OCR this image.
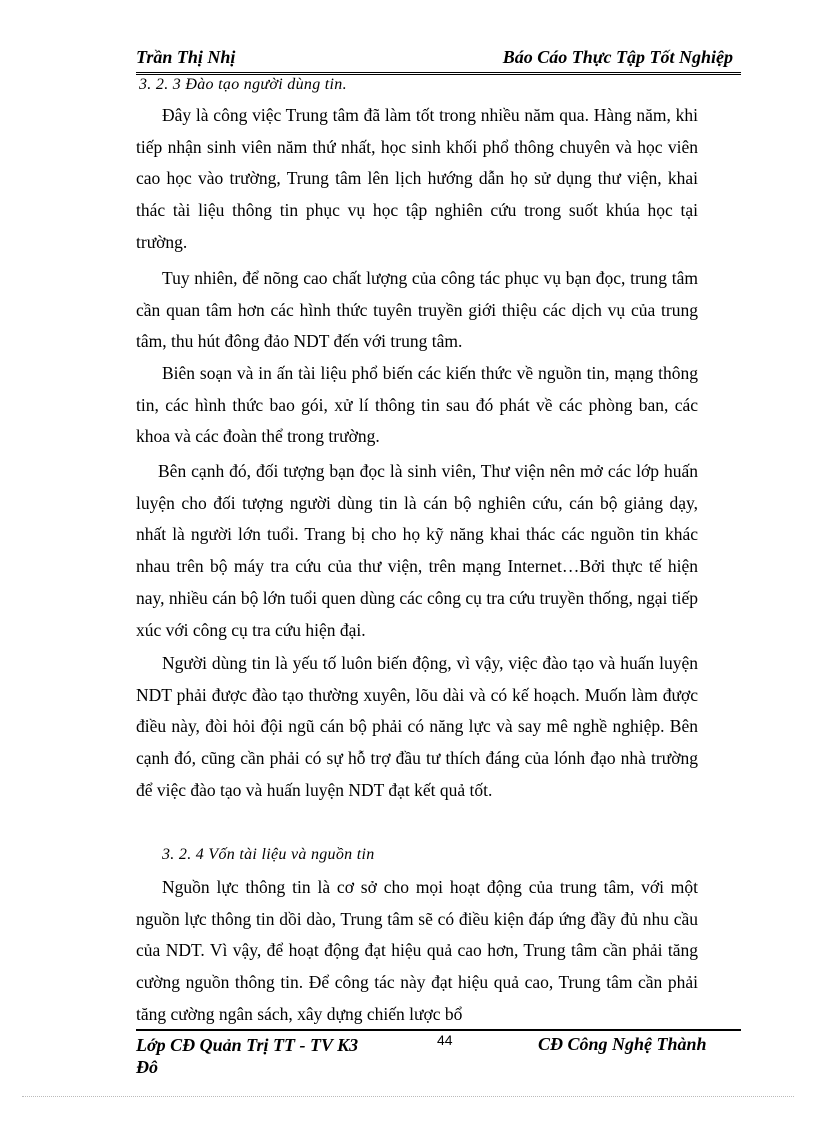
Trần Thị Nhị	Báo Cáo Thực Tập Tốt Nghiệp
3. 2. 3 Đào tạo người dùng tin.

Đây là công việc Trung tâm đã làm tốt trong nhiều năm qua. Hàng năm, khi tiếp nhận sinh viên năm thứ nhất, học sinh khối phổ thông chuyên và học viên cao học vào trường, Trung tâm lên lịch hướng dẫn họ sử dụng thư viện, khai thác tài liệu thông tin phục vụ học tập nghiên cứu trong suốt khúa học tại trường.

Tuy nhiên, để nõng cao chất lượng của công tác phục vụ bạn đọc, trung tâm cần quan tâm hơn các hình thức tuyên truyền giới thiệu các dịch vụ của trung tâm, thu hút đông đảo NDT đến với trung tâm.

Biên soạn và in ấn tài liệu phổ biến các kiến thức về nguồn tin, mạng thông tin, các hình thức bao gói, xử lí thông tin sau đó phát về các phòng ban, các khoa và các đoàn thể trong trường.

Bên cạnh đó, đối tượng bạn đọc là sinh viên, Thư viện nên mở các lớp huấn luyện cho đối tượng người dùng tin là cán bộ nghiên cứu, cán bộ giảng dạy, nhất là người lớn tuổi. Trang bị cho họ kỹ năng khai thác các nguồn tin khác nhau trên bộ máy tra cứu của thư viện, trên mạng Internet…Bởi thực tế hiện nay, nhiều cán bộ lớn tuổi quen dùng các công cụ tra cứu truyền thống, ngại tiếp xúc với công cụ tra cứu hiện đại.

Người dùng tin là yếu tố luôn biến động, vì vậy, việc đào tạo và huấn luyện NDT phải được đào tạo thường xuyên, lõu dài và có kế hoạch. Muốn làm được điều này, đòi hỏi đội ngũ cán bộ phải có năng lực và say mê nghề nghiệp. Bên cạnh đó, cũng cần phải có sự hỗ trợ đầu tư thích đáng của lónh đạo nhà trường để việc đào tạo và huấn luyện NDT đạt kết quả tốt.

3. 2. 4 Vốn tài liệu và nguồn tin

Nguồn lực thông tin là cơ sở cho mọi hoạt động của trung tâm, với một nguồn lực thông tin dồi dào, Trung tâm sẽ có điều kiện đáp ứng đầy đủ nhu cầu của NDT. Vì vậy, để hoạt động đạt hiệu quả cao hơn, Trung tâm cần phải tăng cường nguồn thông tin. Để công tác này đạt hiệu quả cao, Trung tâm cần phải tăng cường ngân sách, xây dựng chiến lược bổ

Lớp CĐ Quản Trị TT - TV K3
Đô
44	CĐ Công Nghệ Thành
